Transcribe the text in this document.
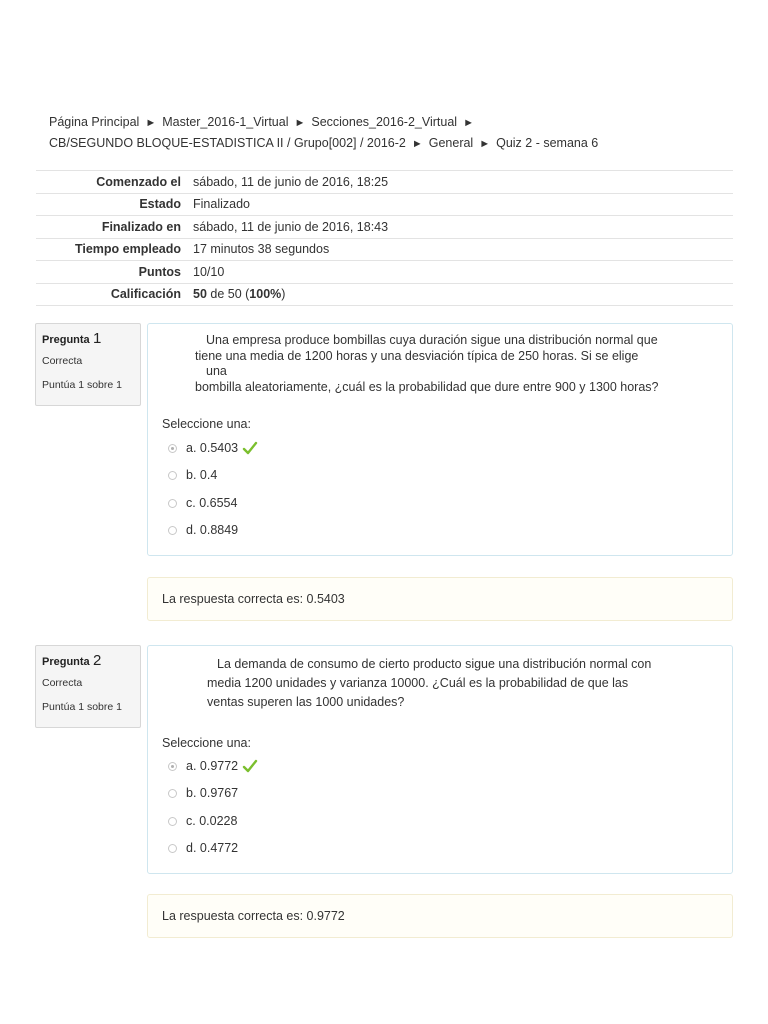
Página Principal ► Master_2016-1_Virtual ► Secciones_2016-2_Virtual ►
CB/SEGUNDO BLOQUE-ESTADISTICA II / Grupo[002] / 2016-2 ► General ► Quiz 2 - semana 6
Comenzado el	sábado, 11 de junio de 2016, 18:25
Estado	Finalizado
Finalizado en	sábado, 11 de junio de 2016, 18:43
Tiempo empleado	17 minutos 38 segundos
Puntos	10/10
Calificación	50 de 50 (100%)
Pregunta 1
Correcta
Puntúa 1 sobre 1
Una empresa produce bombillas cuya duración sigue una distribución normal que
tiene una media de 1200 horas y una desviación típica de 250 horas. Si se elige
una
bombilla aleatoriamente, ¿cuál es la probabilidad que dure entre 900 y 1300 horas?
Seleccione una:
a. 0.5403
b. 0.4
c. 0.6554
d. 0.8849
La respuesta correcta es: 0.5403
Pregunta 2
Correcta
Puntúa 1 sobre 1
La demanda de consumo de cierto producto sigue una distribución normal con
media 1200 unidades y varianza 10000. ¿Cuál es la probabilidad de que las
ventas superen las 1000 unidades?
Seleccione una:
a. 0.9772
b. 0.9767
c. 0.0228
d. 0.4772
La respuesta correcta es: 0.9772
